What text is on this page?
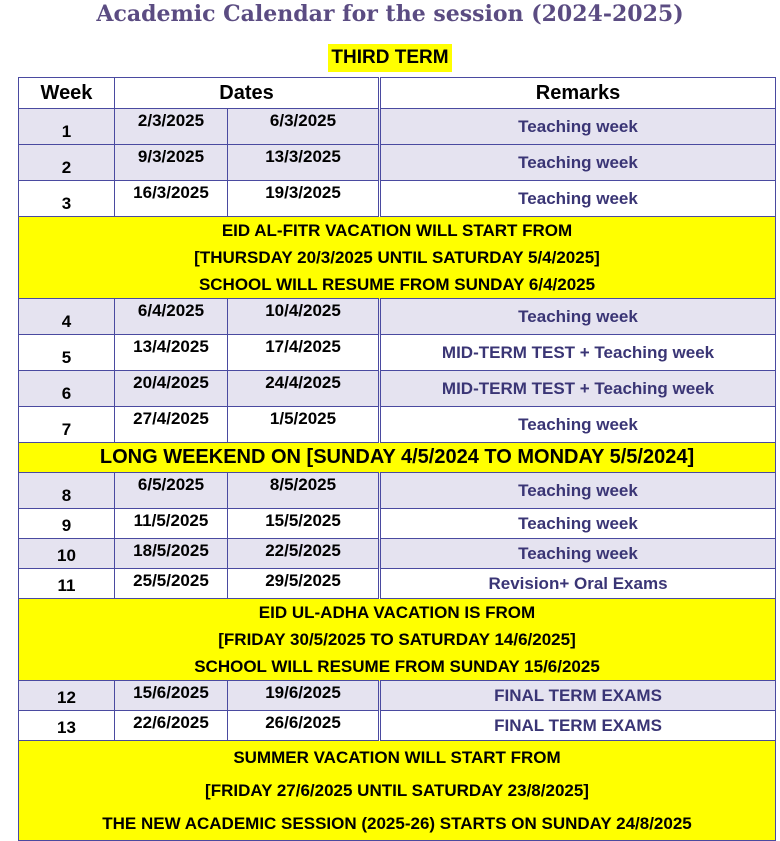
Academic Calendar for the session (2024-2025)
THIRD TERM
Week	Dates		Remarks
1	2/3/2025	6/3/2025	Teaching week
2	9/3/2025	13/3/2025	Teaching week
3	16/3/2025	19/3/2025	Teaching week

EID AL-FITR VACATION WILL START FROM
[THURSDAY 20/3/2025 UNTIL SATURDAY 5/4/2025]
SCHOOL WILL RESUME FROM SUNDAY 6/4/2025			

4	6/4/2025	10/4/2025	Teaching week
5	13/4/2025	17/4/2025	MID-TERM TEST + Teaching week
6	20/4/2025	24/4/2025	MID-TERM TEST + Teaching week
7	27/4/2025	1/5/2025	Teaching week
LONG WEEKEND ON [SUNDAY 4/5/2024 TO MONDAY 5/5/2024]			
8	6/5/2025	8/5/2025	Teaching week
9	11/5/2025	15/5/2025	Teaching week
10	18/5/2025	22/5/2025	Teaching week
11	25/5/2025	29/5/2025	Revision+ Oral Exams

EID UL-ADHA VACATION IS FROM
[FRIDAY 30/5/2025 TO SATURDAY 14/6/2025]
SCHOOL WILL RESUME FROM SUNDAY 15/6/2025			

12	15/6/2025	19/6/2025	FINAL TERM EXAMS
13	22/6/2025	26/6/2025	FINAL TERM EXAMS

SUMMER VACATION WILL START FROM
[FRIDAY 27/6/2025 UNTIL SATURDAY 23/8/2025]
THE NEW ACADEMIC SESSION (2025-26) STARTS ON SUNDAY 24/8/2025			
